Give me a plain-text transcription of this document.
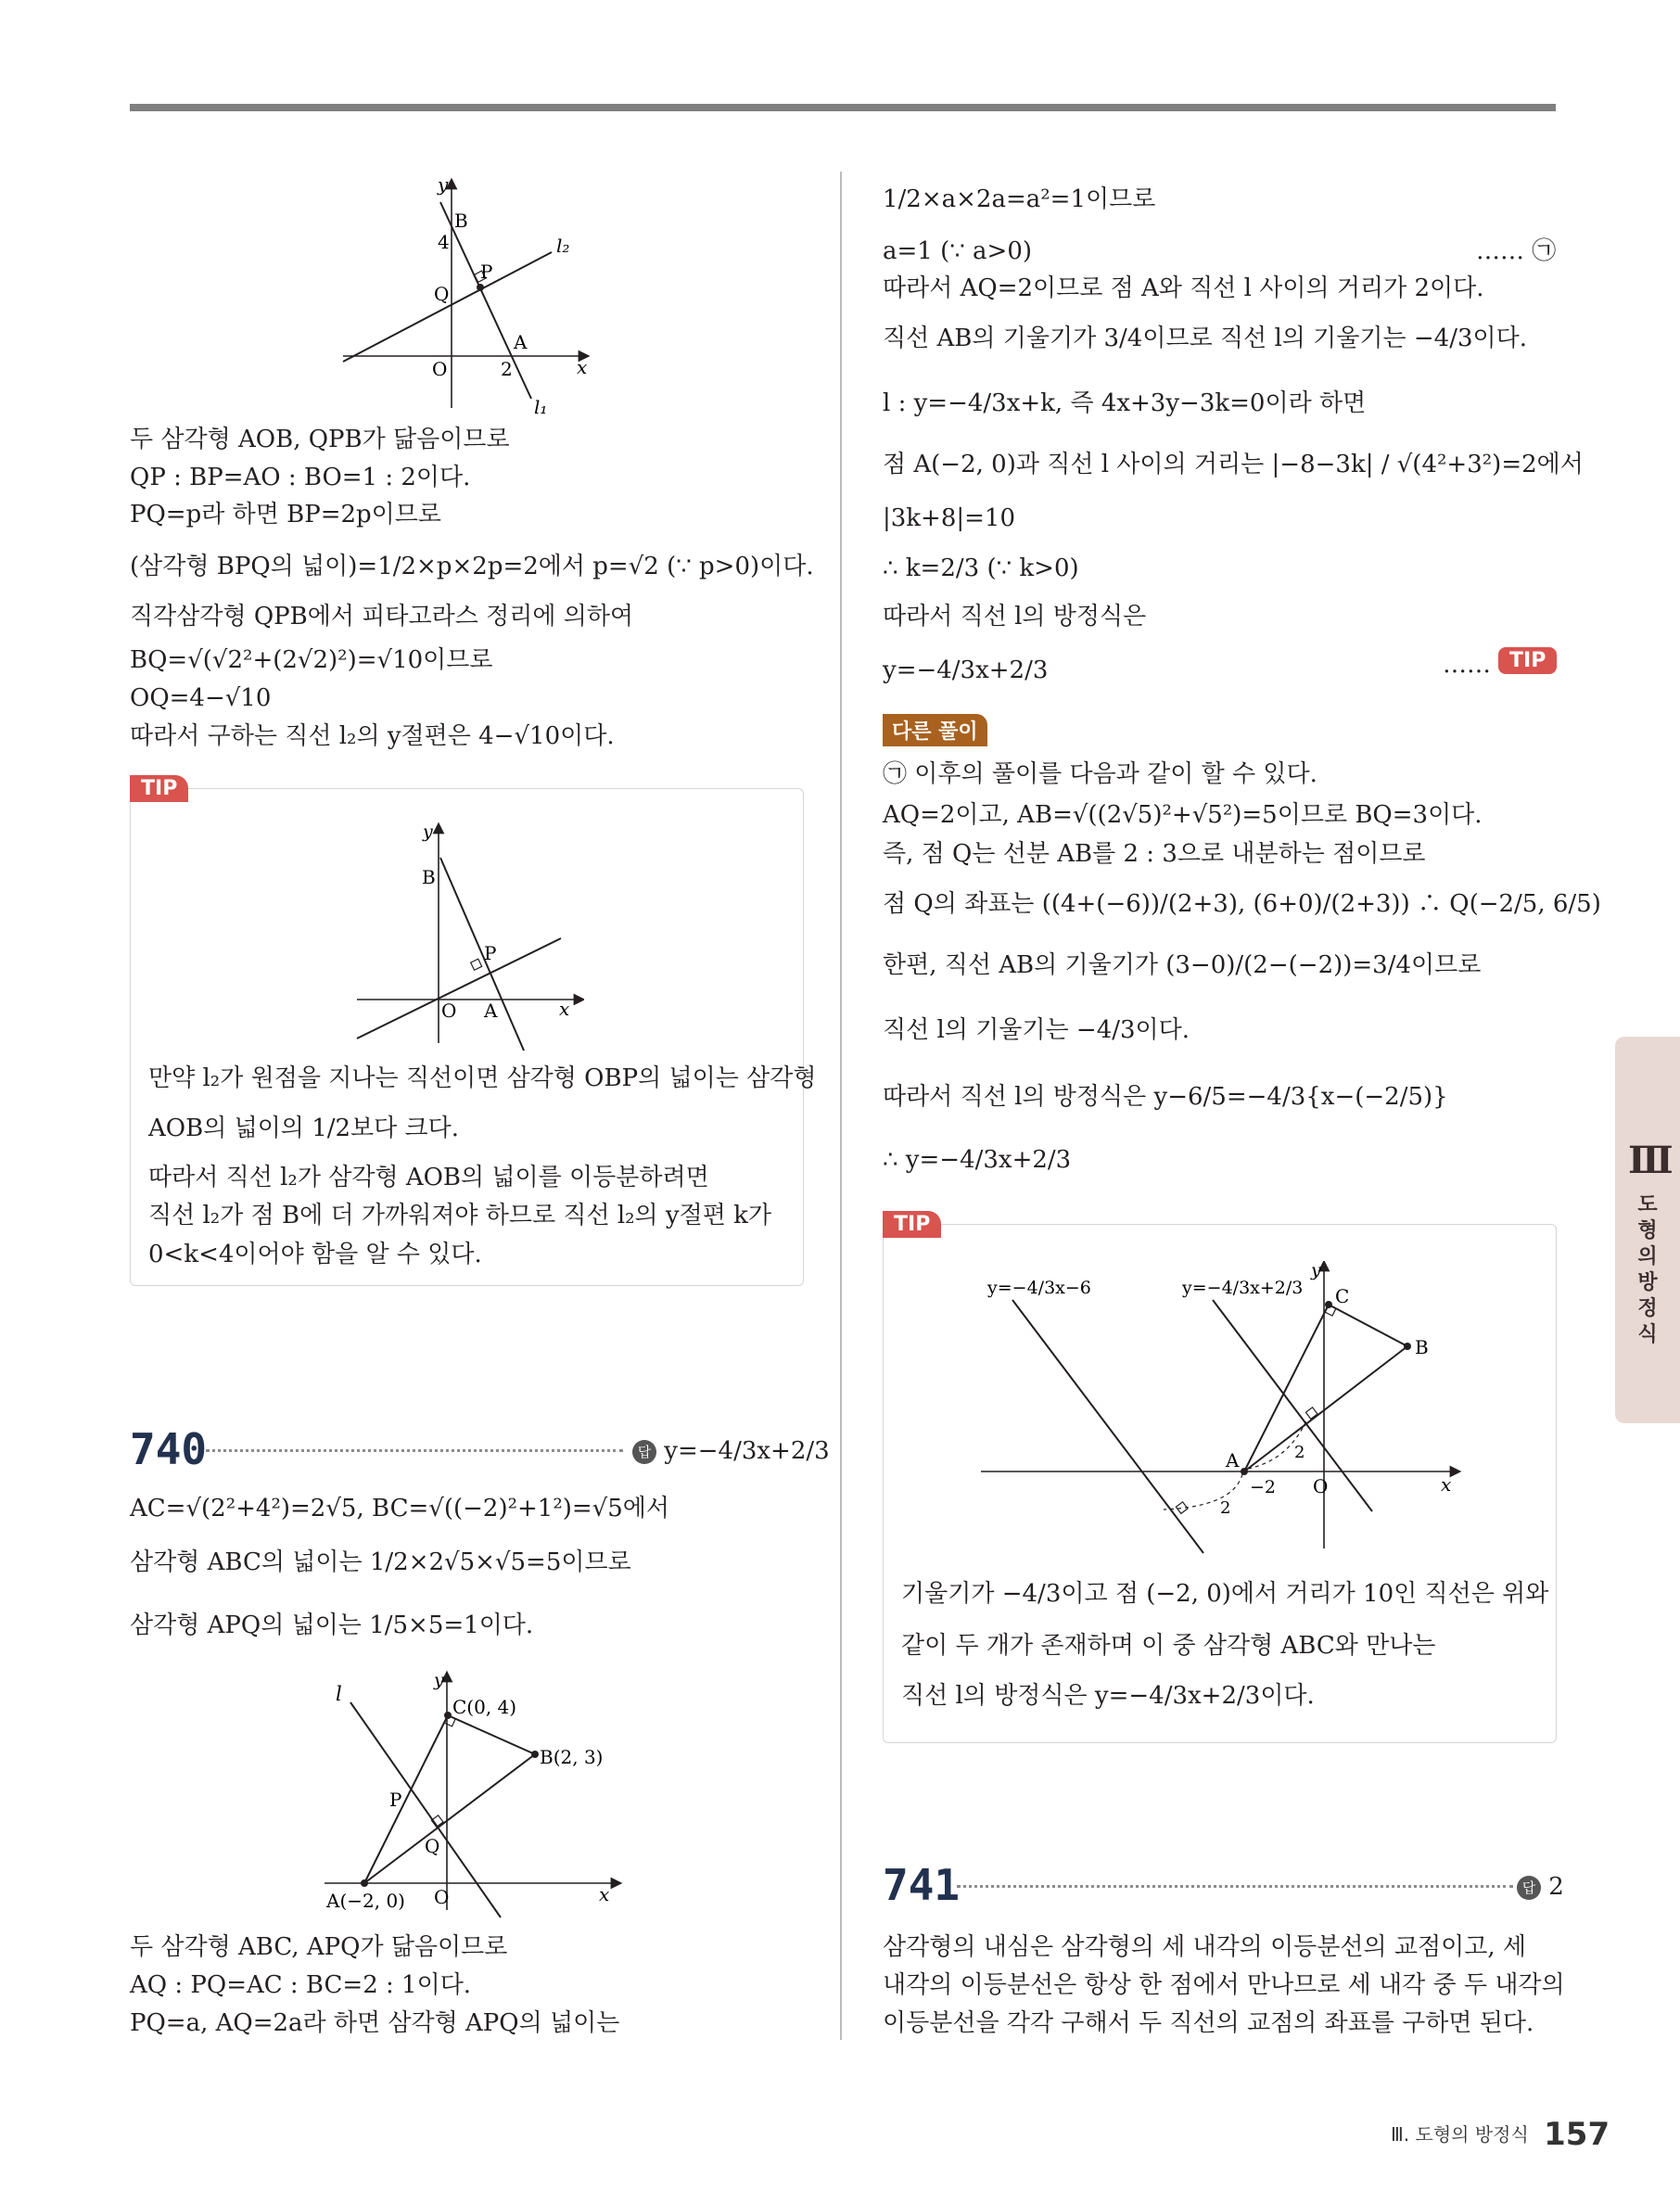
y
B
4	l₂
P
Q
A
O	2	x
l₁
두 삼각형 AOB, QPB가 닮음이므로
QP : BP=AO : BO=1 : 2이다.
PQ=p라 하면 BP=2p이므로
(삼각형 BPQ의 넓이)=1/2×p×2p=2에서 p=√2 (∵ p>0)이다.
직각삼각형 QPB에서 피타고라스 정리에 의하여
BQ=√(√2²+(2√2)²)=√10이므로
OQ=4−√10
따라서 구하는 직선 l₂의 y절편은 4−√10이다.
TIP
y
B
P
O A	x
만약 l₂가 원점을 지나는 직선이면 삼각형 OBP의 넓이는 삼각형
AOB의 넓이의 1/2보다 크다.
따라서 직선 l₂가 삼각형 AOB의 넓이를 이등분하려면
직선 l₂가 점 B에 더 가까워져야 하므로 직선 l₂의 y절편 k가
0<k<4이어야 함을 알 수 있다.
740	답 y=−4/3x+2/3
AC=√(2²+4²)=2√5, BC=√((−2)²+1²)=√5에서
삼각형 ABC의 넓이는 1/2×2√5×√5=5이므로
삼각형 APQ의 넓이는 1/5×5=1이다.
y
l
C(0, 4)
B(2, 3)
P
Q
A(−2, 0) O	x
두 삼각형 ABC, APQ가 닮음이므로
AQ : PQ=AC : BC=2 : 1이다.
PQ=a, AQ=2a라 하면 삼각형 APQ의 넓이는
1/2×a×2a=a²=1이므로
a=1 (∵ a>0)	…… ㉠
따라서 AQ=2이므로 점 A와 직선 l 사이의 거리가 2이다.
직선 AB의 기울기가 3/4이므로 직선 l의 기울기는 −4/3이다.
l : y=−4/3x+k, 즉 4x+3y−3k=0이라 하면
점 A(−2, 0)과 직선 l 사이의 거리는 |−8−3k| / √(4²+3²)=2에서
|3k+8|=10
∴ k=2/3 (∵ k>0)
따라서 직선 l의 방정식은
y=−4/3x+2/3	…… TIP
다른 풀이
㉠ 이후의 풀이를 다음과 같이 할 수 있다.
AQ=2이고, AB=√((2√5)²+√5²)=5이므로 BQ=3이다.
즉, 점 Q는 선분 AB를 2 : 3으로 내분하는 점이므로
점 Q의 좌표는 ((4+(−6))/(2+3), (6+0)/(2+3)) ∴ Q(−2/5, 6/5)
한편, 직선 AB의 기울기가 (3−0)/(2−(−2))=3/4이므로
직선 l의 기울기는 −4/3이다.
따라서 직선 l의 방정식은 y−6/5=−4/3{x−(−2/5)}
∴ y=−4/3x+2/3
TIP
y=−4/3x−6	y=−4/3x+2/3
y
C
B
A	2
2
−2 O	x
기울기가 −4/3이고 점 (−2, 0)에서 거리가 10인 직선은 위와
같이 두 개가 존재하며 이 중 삼각형 ABC와 만나는
직선 l의 방정식은 y=−4/3x+2/3이다.
741	답 2
삼각형의 내심은 삼각형의 세 내각의 이등분선의 교점이고, 세
내각의 이등분선은 항상 한 점에서 만나므로 세 내각 중 두 내각의
이등분선을 각각 구해서 두 직선의 교점의 좌표를 구하면 된다.
Ⅲ
도형의 방정식
Ⅲ. 도형의 방정식 157
